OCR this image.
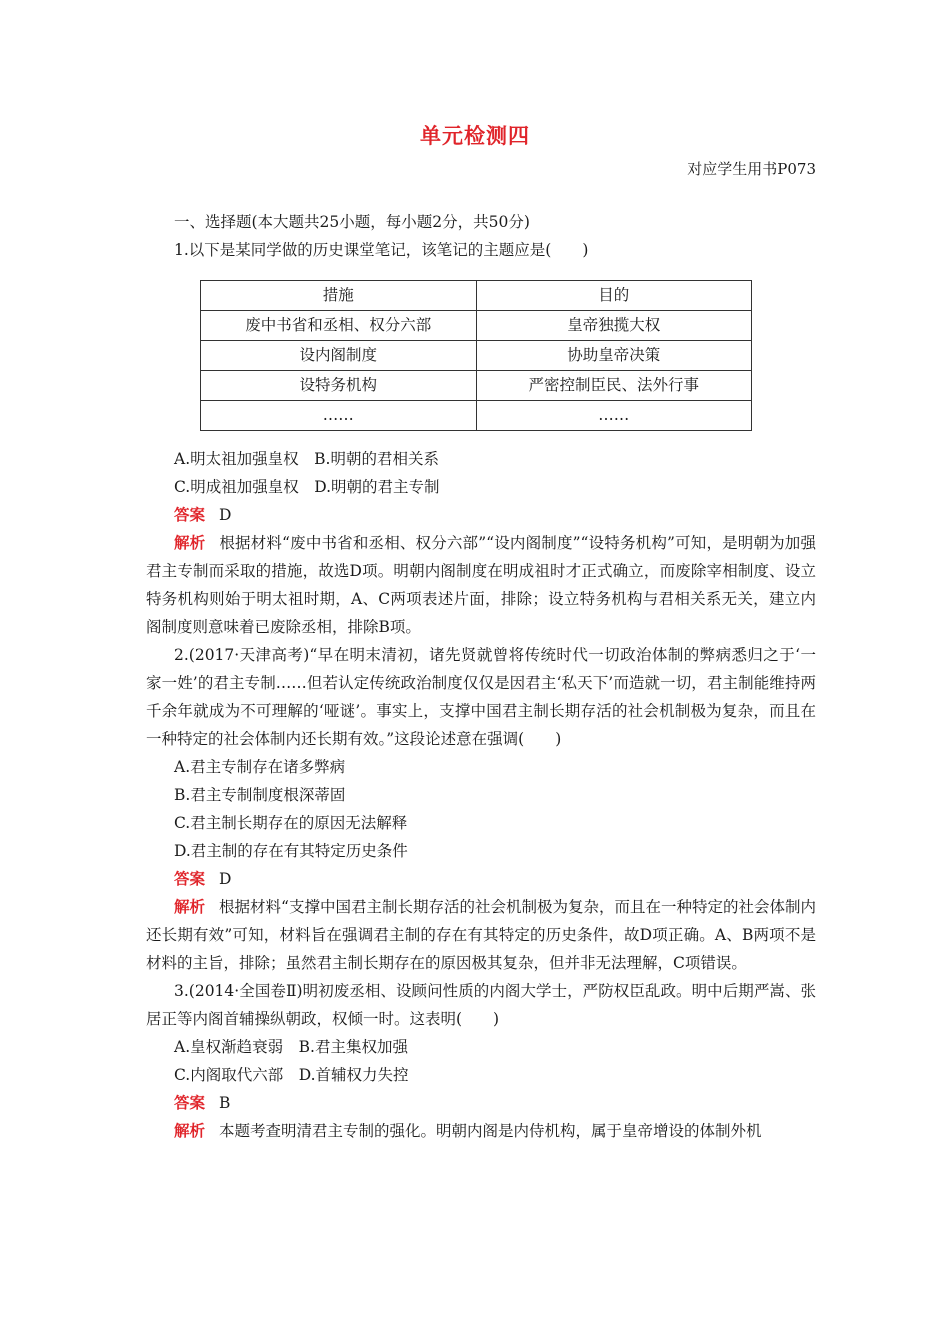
单元检测四
对应学生用书P073
一、选择题(本大题共25小题，每小题2分，共50分)
1.以下是某同学做的历史课堂笔记，该笔记的主题应是(　　)
措施	目的
废中书省和丞相、权分六部	皇帝独揽大权
设内阁制度	协助皇帝决策
设特务机构	严密控制臣民、法外行事
……	……
A.明太祖加强皇权　B.明朝的君相关系
C.明成祖加强皇权　D.明朝的君主专制
答案 D
解析 根据材料“废中书省和丞相、权分六部”“设内阁制度”“设特务机构”可知，是明朝为加强君主专制而采取的措施，故选D项。明朝内阁制度在明成祖时才正式确立，而废除宰相制度、设立特务机构则始于明太祖时期，A、C两项表述片面，排除；设立特务机构与君相关系无关，建立内阁制度则意味着已废除丞相，排除B项。
2.(2017·天津高考)“早在明末清初，诸先贤就曾将传统时代一切政治体制的弊病悉归之于‘一家一姓’的君主专制……但若认定传统政治制度仅仅是因君主‘私天下’而造就一切，君主制能维持两千余年就成为不可理解的‘哑谜’。事实上，支撑中国君主制长期存活的社会机制极为复杂，而且在一种特定的社会体制内还长期有效。”这段论述意在强调(　　)
A.君主专制存在诸多弊病
B.君主专制制度根深蒂固
C.君主制长期存在的原因无法解释
D.君主制的存在有其特定历史条件
答案 D
解析 根据材料“支撑中国君主制长期存活的社会机制极为复杂，而且在一种特定的社会体制内还长期有效”可知，材料旨在强调君主制的存在有其特定的历史条件，故D项正确。A、B两项不是材料的主旨，排除；虽然君主制长期存在的原因极其复杂，但并非无法理解，C项错误。
3.(2014·全国卷Ⅱ)明初废丞相、设顾问性质的内阁大学士，严防权臣乱政。明中后期严嵩、张居正等内阁首辅操纵朝政，权倾一时。这表明(　　)
A.皇权渐趋衰弱　B.君主集权加强
C.内阁取代六部　D.首辅权力失控
答案 B
解析 本题考查明清君主专制的强化。明朝内阁是内侍机构，属于皇帝增设的体制外机
